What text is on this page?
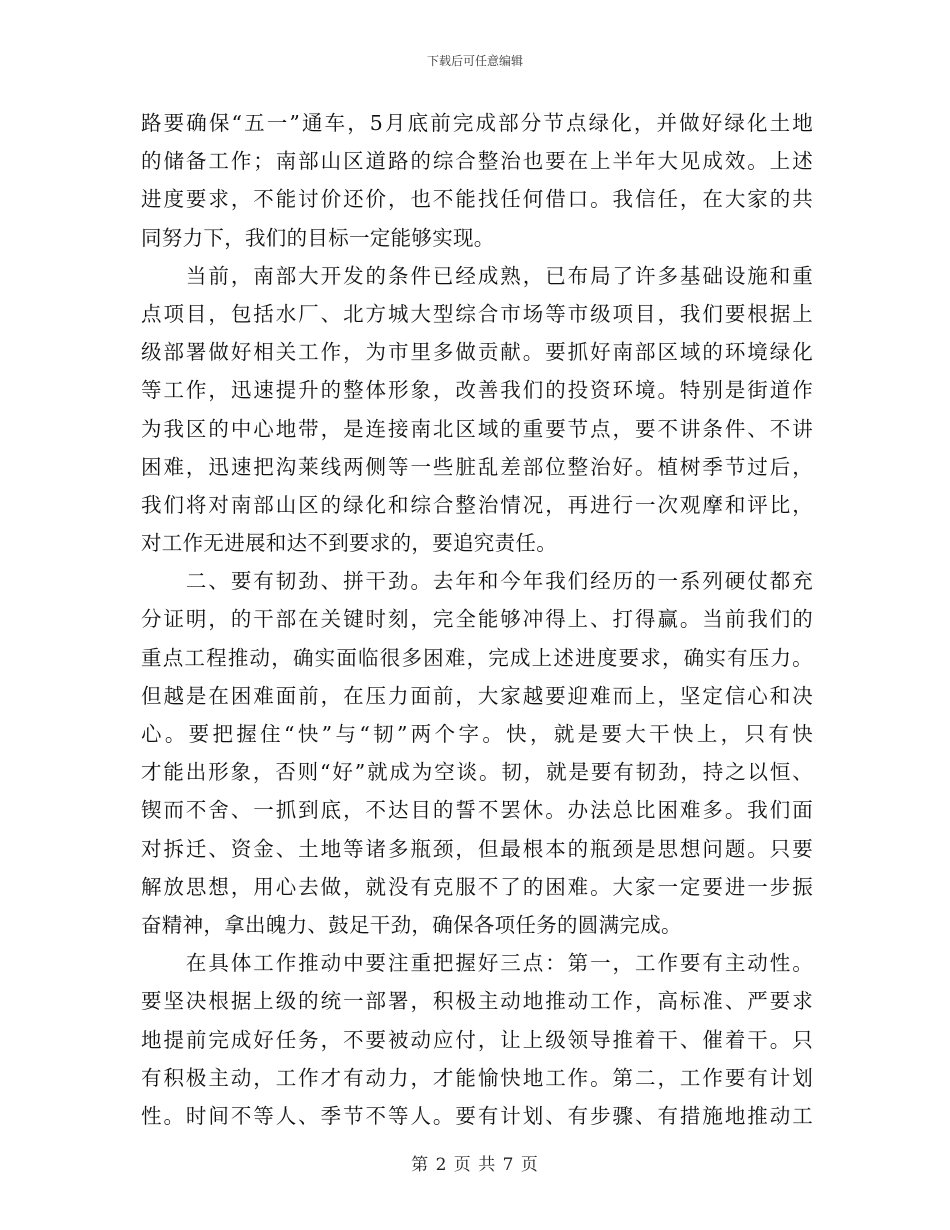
下载后可任意编辑
路要确保“五一”通车，5月底前完成部分节点绿化，并做好绿化土地
的储备工作；南部山区道路的综合整治也要在上半年大见成效。上述
进度要求，不能讨价还价，也不能找任何借口。我信任，在大家的共
同努力下，我们的目标一定能够实现。
　　当前，南部大开发的条件已经成熟，已布局了许多基础设施和重
点项目，包括水厂、北方城大型综合市场等市级项目，我们要根据上
级部署做好相关工作，为市里多做贡献。要抓好南部区域的环境绿化
等工作，迅速提升的整体形象，改善我们的投资环境。特别是街道作
为我区的中心地带，是连接南北区域的重要节点，要不讲条件、不讲
困难，迅速把沟莱线两侧等一些脏乱差部位整治好。植树季节过后，
我们将对南部山区的绿化和综合整治情况，再进行一次观摩和评比，
对工作无进展和达不到要求的，要追究责任。
　　二、要有韧劲、拼干劲。去年和今年我们经历的一系列硬仗都充
分证明，的干部在关键时刻，完全能够冲得上、打得赢。当前我们的
重点工程推动，确实面临很多困难，完成上述进度要求，确实有压力。
但越是在困难面前，在压力面前，大家越要迎难而上，坚定信心和决
心。要把握住“快”与“韧”两个字。快，就是要大干快上，只有快
才能出形象，否则“好”就成为空谈。韧，就是要有韧劲，持之以恒、
锲而不舍、一抓到底，不达目的誓不罢休。办法总比困难多。我们面
对拆迁、资金、土地等诸多瓶颈，但最根本的瓶颈是思想问题。只要
解放思想，用心去做，就没有克服不了的困难。大家一定要进一步振
奋精神，拿出魄力、鼓足干劲，确保各项任务的圆满完成。
　　在具体工作推动中要注重把握好三点：第一，工作要有主动性。
要坚决根据上级的统一部署，积极主动地推动工作，高标准、严要求
地提前完成好任务，不要被动应付，让上级领导推着干、催着干。只
有积极主动，工作才有动力，才能愉快地工作。第二，工作要有计划
性。时间不等人、季节不等人。要有计划、有步骤、有措施地推动工
第 2 页 共 7 页
